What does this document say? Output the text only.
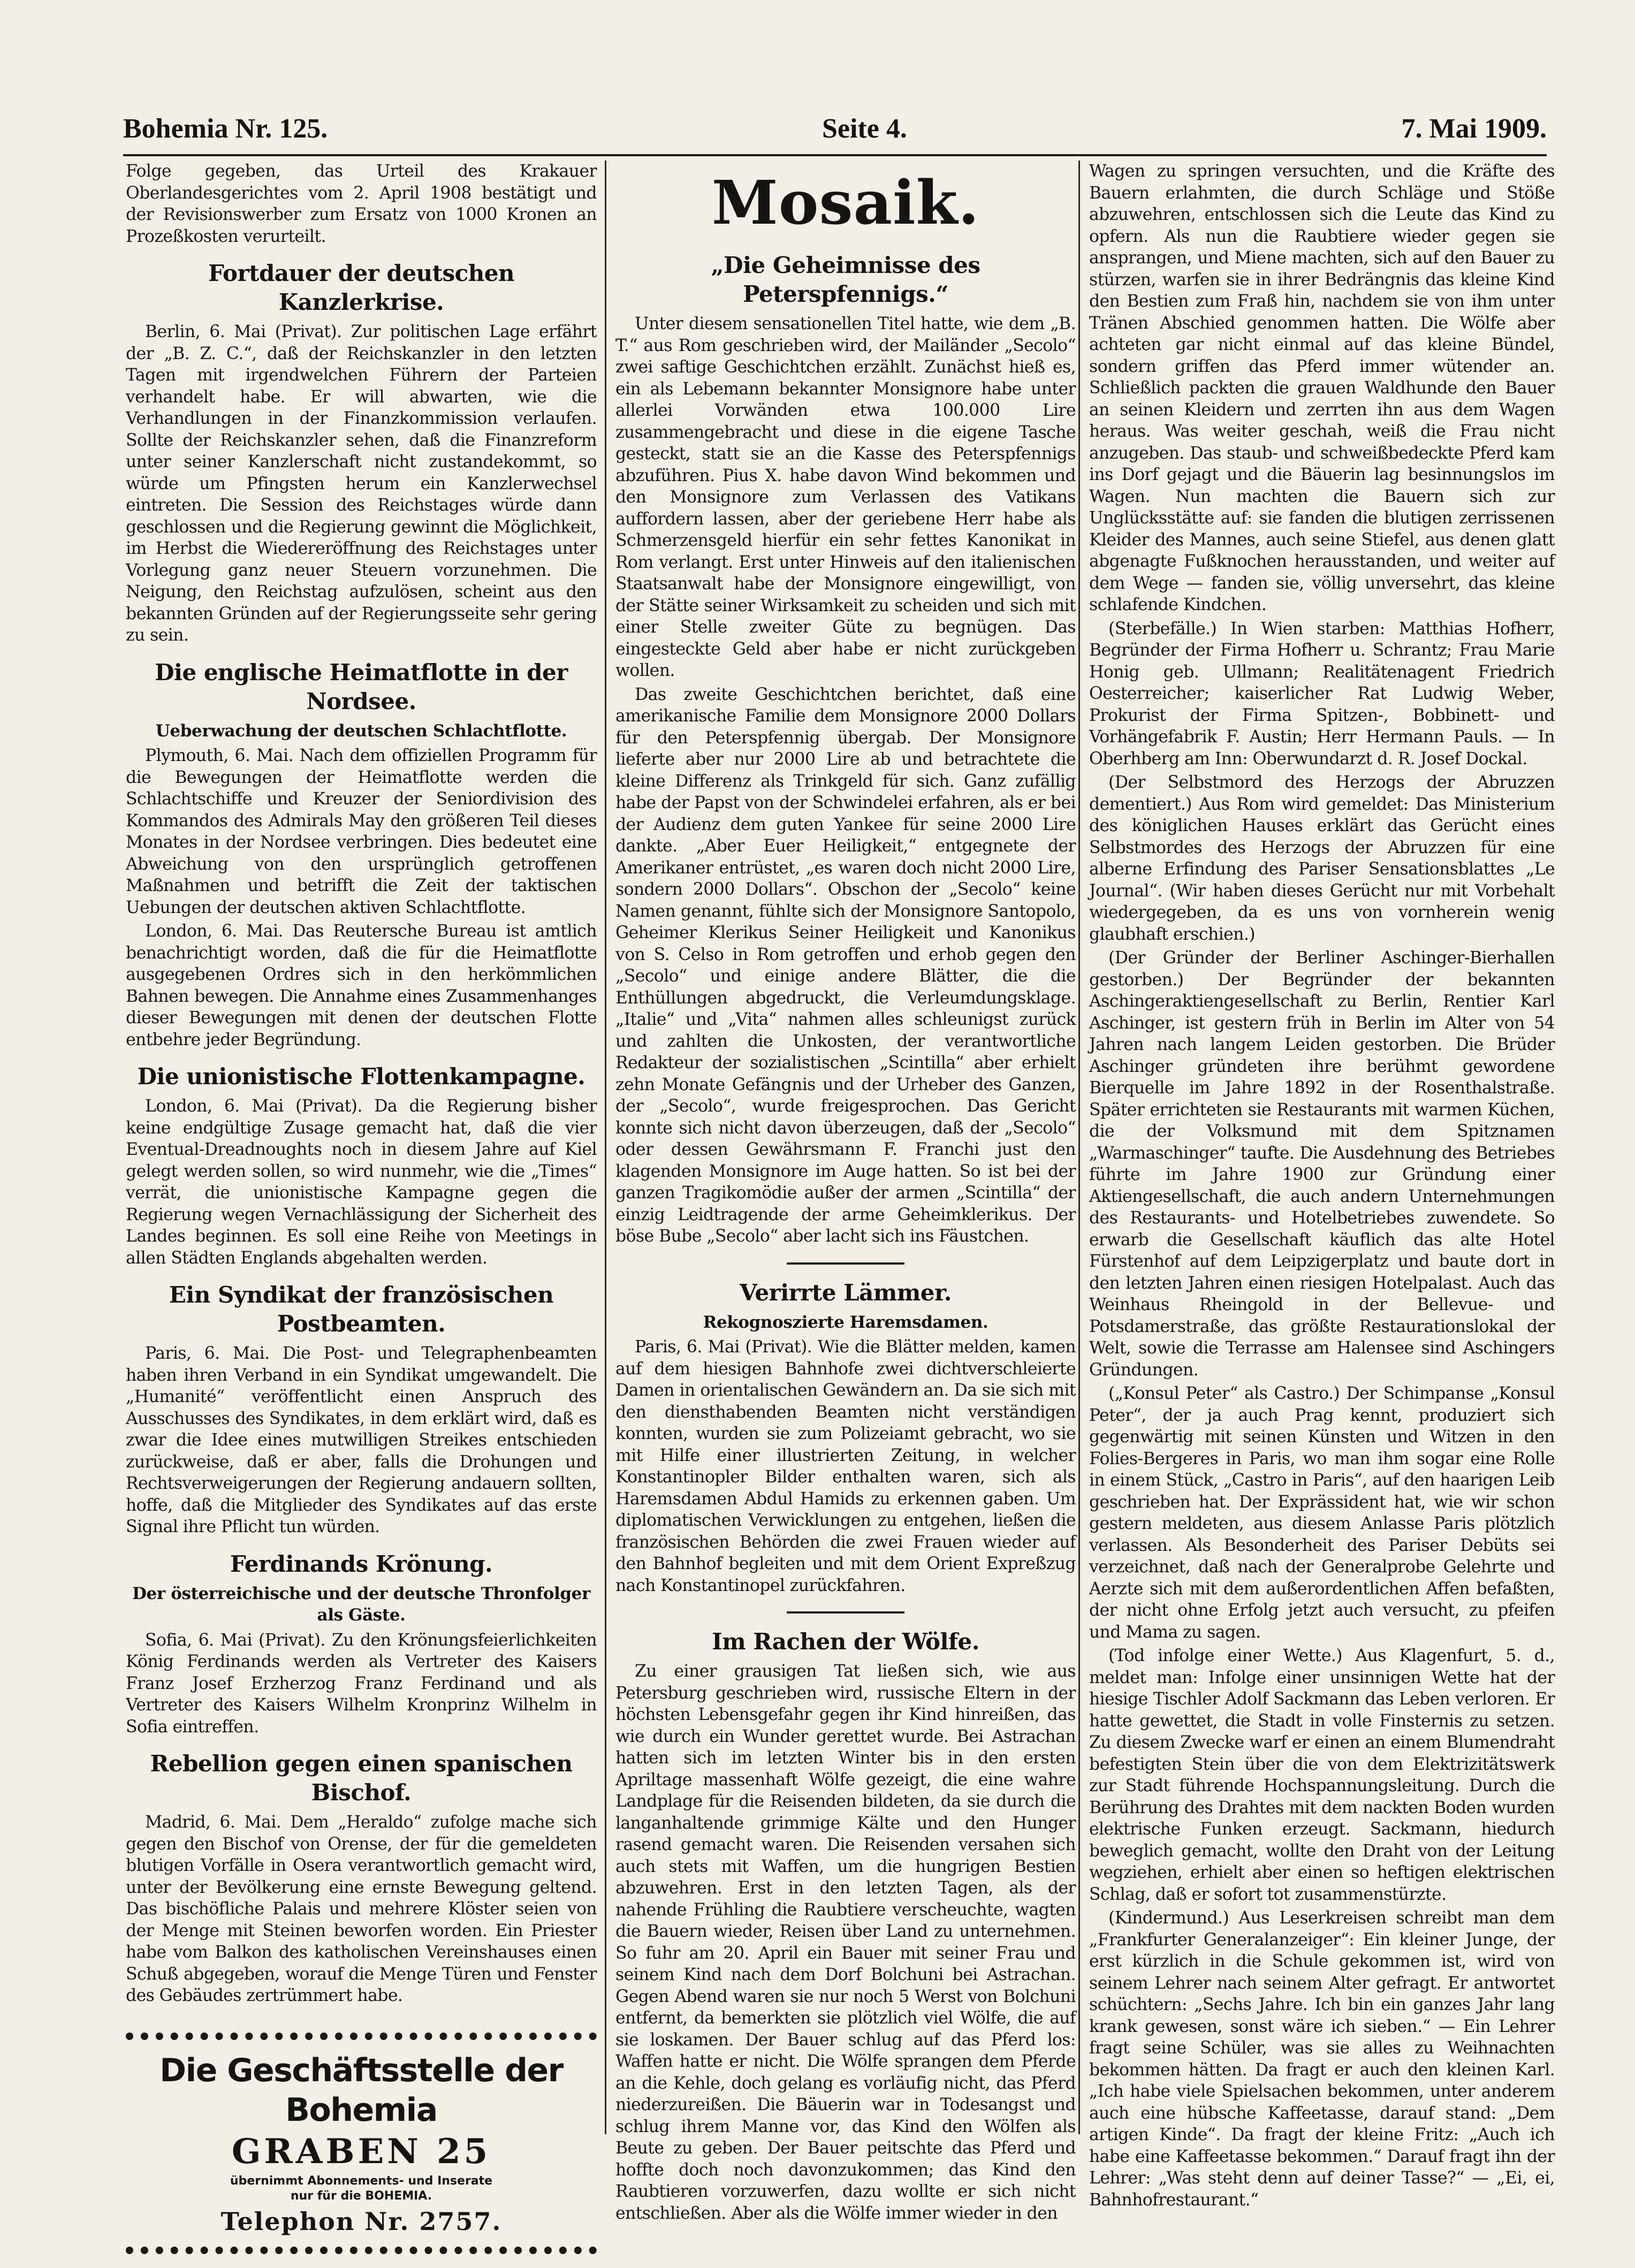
Bohemia Nr. 125.	Seite 4.	7. Mai 1909.

Folge gegeben, das Urteil des Krakauer Oberlandesgerichtes vom 2. April 1908 bestätigt und der Revisionswerber zum Ersatz von 1000 Kronen an Prozeßkosten verurteilt.

Fortdauer der deutschen Kanzlerkrise.

Berlin, 6. Mai (Privat). Zur politischen Lage erfährt der „B. Z. C.“, daß der Reichskanzler in den letzten Tagen mit irgendwelchen Führern der Parteien verhandelt habe. Er will abwarten, wie die Verhandlungen in der Finanzkommission verlaufen. Sollte der Reichskanzler sehen, daß die Finanzreform unter seiner Kanzlerschaft nicht zustandekommt, so würde um Pfingsten herum ein Kanzlerwechsel eintreten. Die Session des Reichstages würde dann geschlossen und die Regierung gewinnt die Möglichkeit, im Herbst die Wiedereröffnung des Reichstages unter Vorlegung ganz neuer Steuern vorzunehmen. Die Neigung, den Reichstag aufzulösen, scheint aus den bekannten Gründen auf der Regierungsseite sehr gering zu sein.

Die englische Heimatflotte in der Nordsee.

Ueberwachung der deutschen Schlachtflotte.

Plymouth, 6. Mai. Nach dem offiziellen Programm für die Bewegungen der Heimatflotte werden die Schlachtschiffe und Kreuzer der Seniordivision des Kommandos des Admirals May den größeren Teil dieses Monates in der Nordsee verbringen. Dies bedeutet eine Abweichung von den ursprünglich getroffenen Maßnahmen und betrifft die Zeit der taktischen Uebungen der deutschen aktiven Schlachtflotte.

London, 6. Mai. Das Reutersche Bureau ist amtlich benachrichtigt worden, daß die für die Heimatflotte ausgegebenen Ordres sich in den herkömmlichen Bahnen bewegen. Die Annahme eines Zusammenhanges dieser Bewegungen mit denen der deutschen Flotte entbehre jeder Begründung.

Die unionistische Flottenkampagne.

London, 6. Mai (Privat). Da die Regierung bisher keine endgültige Zusage gemacht hat, daß die vier Eventual-Dreadnoughts noch in diesem Jahre auf Kiel gelegt werden sollen, so wird nunmehr, wie die „Times“ verrät, die unionistische Kampagne gegen die Regierung wegen Vernachlässigung der Sicherheit des Landes beginnen. Es soll eine Reihe von Meetings in allen Städten Englands abgehalten werden.

Ein Syndikat der französischen Postbeamten.

Paris, 6. Mai. Die Post- und Telegraphenbeamten haben ihren Verband in ein Syndikat umgewandelt. Die „Humanité“ veröffentlicht einen Anspruch des Ausschusses des Syndikates, in dem erklärt wird, daß es zwar die Idee eines mutwilligen Streikes entschieden zurückweise, daß er aber, falls die Drohungen und Rechtsverweigerungen der Regierung andauern sollten, hoffe, daß die Mitglieder des Syndikates auf das erste Signal ihre Pflicht tun würden.

Ferdinands Krönung.

Der österreichische und der deutsche Thronfolger als Gäste.

Sofia, 6. Mai (Privat). Zu den Krönungsfeierlichkeiten König Ferdinands werden als Vertreter des Kaisers Franz Josef Erzherzog Franz Ferdinand und als Vertreter des Kaisers Wilhelm Kronprinz Wilhelm in Sofia eintreffen.

Rebellion gegen einen spanischen Bischof.

Madrid, 6. Mai. Dem „Heraldo“ zufolge mache sich gegen den Bischof von Orense, der für die gemeldeten blutigen Vorfälle in Osera verantwortlich gemacht wird, unter der Bevölkerung eine ernste Bewegung geltend. Das bischöfliche Palais und mehrere Klöster seien von der Menge mit Steinen beworfen worden. Ein Priester habe vom Balkon des katholischen Vereinshauses einen Schuß abgegeben, worauf die Menge Türen und Fenster des Gebäudes zertrümmert habe.

Die Geschäftsstelle der Bohemia
GRABEN 25
übernimmt Abonnements- und Inserate nur für die BOHEMIA.
Telephon Nr. 2757.
Mosaik.
„Die Geheimnisse des Peterspfennigs.“

Unter diesem sensationellen Titel hatte, wie dem „B. T.“ aus Rom geschrieben wird, der Mailänder „Secolo“ zwei saftige Geschichtchen erzählt. Zunächst hieß es, ein als Lebemann bekannter Monsignore habe unter allerlei Vorwänden etwa 100.000 Lire zusammengebracht und diese in die eigene Tasche gesteckt, statt sie an die Kasse des Peterspfennigs abzuführen. Pius X. habe davon Wind bekommen und den Monsignore zum Verlassen des Vatikans auffordern lassen, aber der geriebene Herr habe als Schmerzensgeld hierfür ein sehr fettes Kanonikat in Rom verlangt. Erst unter Hinweis auf den italienischen Staatsanwalt habe der Monsignore eingewilligt, von der Stätte seiner Wirksamkeit zu scheiden und sich mit einer Stelle zweiter Güte zu begnügen. Das eingesteckte Geld aber habe er nicht zurückgeben wollen.

Das zweite Geschichtchen berichtet, daß eine amerikanische Familie dem Monsignore 2000 Dollars für den Peterspfennig übergab. Der Monsignore lieferte aber nur 2000 Lire ab und betrachtete die kleine Differenz als Trinkgeld für sich. Ganz zufällig habe der Papst von der Schwindelei erfahren, als er bei der Audienz dem guten Yankee für seine 2000 Lire dankte. „Aber Euer Heiligkeit,“ entgegnete der Amerikaner entrüstet, „es waren doch nicht 2000 Lire, sondern 2000 Dollars“. Obschon der „Secolo“ keine Namen genannt, fühlte sich der Monsignore Santopolo, Geheimer Klerikus Seiner Heiligkeit und Kanonikus von S. Celso in Rom getroffen und erhob gegen den „Secolo“ und einige andere Blätter, die die Enthüllungen abgedruckt, die Verleumdungsklage. „Italie“ und „Vita“ nahmen alles schleunigst zurück und zahlten die Unkosten, der verantwortliche Redakteur der sozialistischen „Scintilla“ aber erhielt zehn Monate Gefängnis und der Urheber des Ganzen, der „Secolo“, wurde freigesprochen. Das Gericht konnte sich nicht davon überzeugen, daß der „Secolo“ oder dessen Gewährsmann F. Franchi just den klagenden Monsignore im Auge hatten. So ist bei der ganzen Tragikomödie außer der armen „Scintilla“ der einzig Leidtragende der arme Geheimklerikus. Der böse Bube „Secolo“ aber lacht sich ins Fäustchen.

Verirrte Lämmer.

Rekognoszierte Haremsdamen.

Paris, 6. Mai (Privat). Wie die Blätter melden, kamen auf dem hiesigen Bahnhofe zwei dichtverschleierte Damen in orientalischen Gewändern an. Da sie sich mit den diensthabenden Beamten nicht verständigen konnten, wurden sie zum Polizeiamt gebracht, wo sie mit Hilfe einer illustrierten Zeitung, in welcher Konstantinopler Bilder enthalten waren, sich als Haremsdamen Abdul Hamids zu erkennen gaben. Um diplomatischen Verwicklungen zu entgehen, ließen die französischen Behörden die zwei Frauen wieder auf den Bahnhof begleiten und mit dem Orient Expreßzug nach Konstantinopel zurückfahren.

Im Rachen der Wölfe.

Zu einer grausigen Tat ließen sich, wie aus Petersburg geschrieben wird, russische Eltern in der höchsten Lebensgefahr gegen ihr Kind hinreißen, das wie durch ein Wunder gerettet wurde. Bei Astrachan hatten sich im letzten Winter bis in den ersten Apriltage massenhaft Wölfe gezeigt, die eine wahre Landplage für die Reisenden bildeten, da sie durch die langanhaltende grimmige Kälte und den Hunger rasend gemacht waren. Die Reisenden versahen sich auch stets mit Waffen, um die hungrigen Bestien abzuwehren. Erst in den letzten Tagen, als der nahende Frühling die Raubtiere verscheuchte, wagten die Bauern wieder, Reisen über Land zu unternehmen. So fuhr am 20. April ein Bauer mit seiner Frau und seinem Kind nach dem Dorf Bolchuni bei Astrachan. Gegen Abend waren sie nur noch 5 Werst von Bolchuni entfernt, da bemerkten sie plötzlich viel Wölfe, die auf sie loskamen. Der Bauer schlug auf das Pferd los: Waffen hatte er nicht. Die Wölfe sprangen dem Pferde an die Kehle, doch gelang es vorläufig nicht, das Pferd niederzureißen. Die Bäuerin war in Todesangst und schlug ihrem Manne vor, das Kind den Wölfen als Beute zu geben. Der Bauer peitschte das Pferd und hoffte doch noch davonzukommen; das Kind den Raubtieren vorzuwerfen, dazu wollte er sich nicht entschließen. Aber als die Wölfe immer wieder in den

Wagen zu springen versuchten, und die Kräfte des Bauern erlahmten, die durch Schläge und Stöße abzuwehren, entschlossen sich die Leute das Kind zu opfern. Als nun die Raubtiere wieder gegen sie ansprangen, und Miene machten, sich auf den Bauer zu stürzen, warfen sie in ihrer Bedrängnis das kleine Kind den Bestien zum Fraß hin, nachdem sie von ihm unter Tränen Abschied genommen hatten. Die Wölfe aber achteten gar nicht einmal auf das kleine Bündel, sondern griffen das Pferd immer wütender an. Schließlich packten die grauen Waldhunde den Bauer an seinen Kleidern und zerrten ihn aus dem Wagen heraus. Was weiter geschah, weiß die Frau nicht anzugeben. Das staub- und schweißbedeckte Pferd kam ins Dorf gejagt und die Bäuerin lag besinnungslos im Wagen. Nun machten die Bauern sich zur Unglücksstätte auf: sie fanden die blutigen zerrissenen Kleider des Mannes, auch seine Stiefel, aus denen glatt abgenagte Fußknochen herausstanden, und weiter auf dem Wege — fanden sie, völlig unversehrt, das kleine schlafende Kindchen.

(Sterbefälle.) In Wien starben: Matthias Hofherr, Begründer der Firma Hofherr u. Schrantz; Frau Marie Honig geb. Ullmann; Realitätenagent Friedrich Oesterreicher; kaiserlicher Rat Ludwig Weber, Prokurist der Firma Spitzen-, Bobbinett- und Vorhängefabrik F. Austin; Herr Hermann Pauls. — In Oberhberg am Inn: Oberwundarzt d. R. Josef Dockal.

(Der Selbstmord des Herzogs der Abruzzen dementiert.) Aus Rom wird gemeldet: Das Ministerium des königlichen Hauses erklärt das Gerücht eines Selbstmordes des Herzogs der Abruzzen für eine alberne Erfindung des Pariser Sensationsblattes „Le Journal“. (Wir haben dieses Gerücht nur mit Vorbehalt wiedergegeben, da es uns von vornherein wenig glaubhaft erschien.)

(Der Gründer der Berliner Aschinger-Bierhallen gestorben.) Der Begründer der bekannten Aschingeraktiengesellschaft zu Berlin, Rentier Karl Aschinger, ist gestern früh in Berlin im Alter von 54 Jahren nach langem Leiden gestorben. Die Brüder Aschinger gründeten ihre berühmt gewordene Bierquelle im Jahre 1892 in der Rosenthalstraße. Später errichteten sie Restaurants mit warmen Küchen, die der Volksmund mit dem Spitznamen „Warmaschinger“ taufte. Die Ausdehnung des Betriebes führte im Jahre 1900 zur Gründung einer Aktiengesellschaft, die auch andern Unternehmungen des Restaurants- und Hotelbetriebes zuwendete. So erwarb die Gesellschaft käuflich das alte Hotel Fürstenhof auf dem Leipzigerplatz und baute dort in den letzten Jahren einen riesigen Hotelpalast. Auch das Weinhaus Rheingold in der Bellevue- und Potsdamerstraße, das größte Restaurationslokal der Welt, sowie die Terrasse am Halensee sind Aschingers Gründungen.

(„Konsul Peter“ als Castro.) Der Schimpanse „Konsul Peter“, der ja auch Prag kennt, produziert sich gegenwärtig mit seinen Künsten und Witzen in den Folies-Bergeres in Paris, wo man ihm sogar eine Rolle in einem Stück, „Castro in Paris“, auf den haarigen Leib geschrieben hat. Der Exprässident hat, wie wir schon gestern meldeten, aus diesem Anlasse Paris plötzlich verlassen. Als Besonderheit des Pariser Debüts sei verzeichnet, daß nach der Generalprobe Gelehrte und Aerzte sich mit dem außerordentlichen Affen befaßten, der nicht ohne Erfolg jetzt auch versucht, zu pfeifen und Mama zu sagen.

(Tod infolge einer Wette.) Aus Klagenfurt, 5. d., meldet man: Infolge einer unsinnigen Wette hat der hiesige Tischler Adolf Sackmann das Leben verloren. Er hatte gewettet, die Stadt in volle Finsternis zu setzen. Zu diesem Zwecke warf er einen an einem Blumendraht befestigten Stein über die von dem Elektrizitätswerk zur Stadt führende Hochspannungsleitung. Durch die Berührung des Drahtes mit dem nackten Boden wurden elektrische Funken erzeugt. Sackmann, hiedurch beweglich gemacht, wollte den Draht von der Leitung wegziehen, erhielt aber einen so heftigen elektrischen Schlag, daß er sofort tot zusammenstürzte.

(Kindermund.) Aus Leserkreisen schreibt man dem „Frankfurter Generalanzeiger“: Ein kleiner Junge, der erst kürzlich in die Schule gekommen ist, wird von seinem Lehrer nach seinem Alter gefragt. Er antwortet schüchtern: „Sechs Jahre. Ich bin ein ganzes Jahr lang krank gewesen, sonst wäre ich sieben.“ — Ein Lehrer fragt seine Schüler, was sie alles zu Weihnachten bekommen hätten. Da fragt er auch den kleinen Karl. „Ich habe viele Spielsachen bekommen, unter anderem auch eine hübsche Kaffeetasse, darauf stand: „Dem artigen Kinde“. Da fragt der kleine Fritz: „Auch ich habe eine Kaffeetasse bekommen.“ Darauf fragt ihn der Lehrer: „Was steht denn auf deiner Tasse?“ — „Ei, ei, Bahnhofrestaurant.“
